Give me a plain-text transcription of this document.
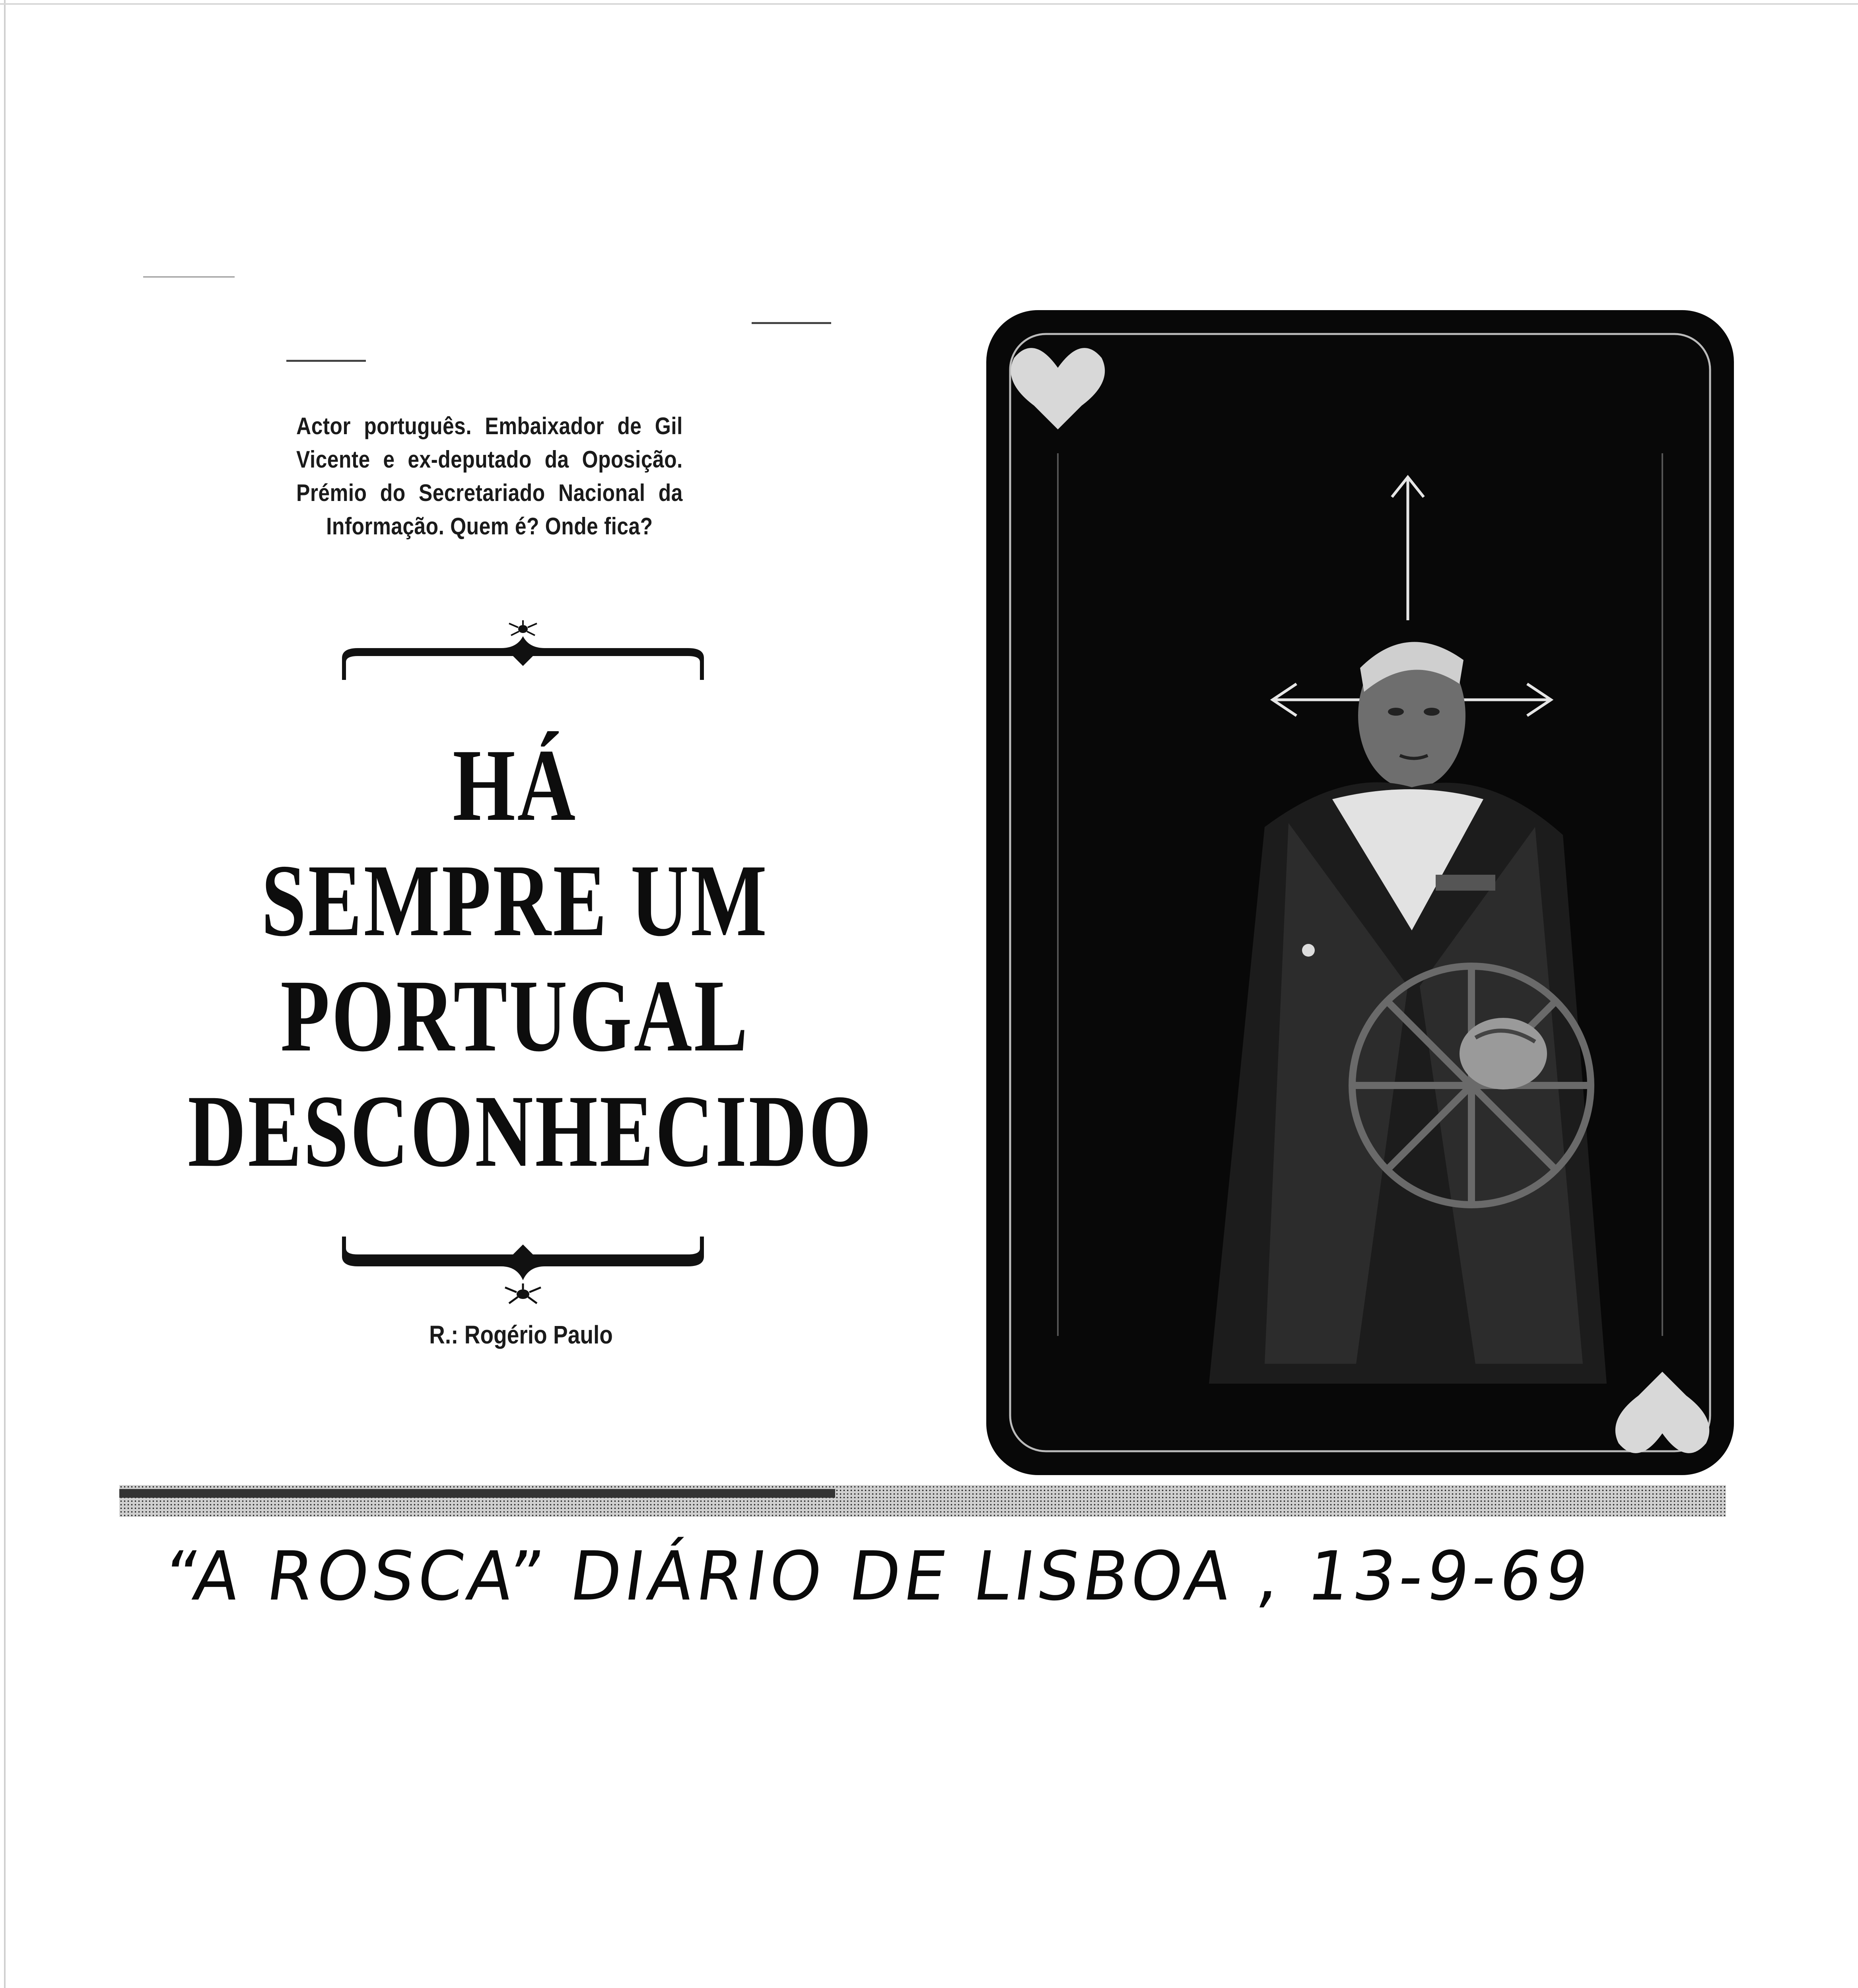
Actor português. Embaixador de Gil Vicente e ex-deputado da Oposição. Prémio do Secretariado Nacional da Informação. Quem é? Onde fica?
HÁ
SEMPRE UM
PORTUGAL
DESCONHECIDO
R.: Rogério Paulo
“A ROSCA” DIÁRIO DE LISBOA , 13-9-69
